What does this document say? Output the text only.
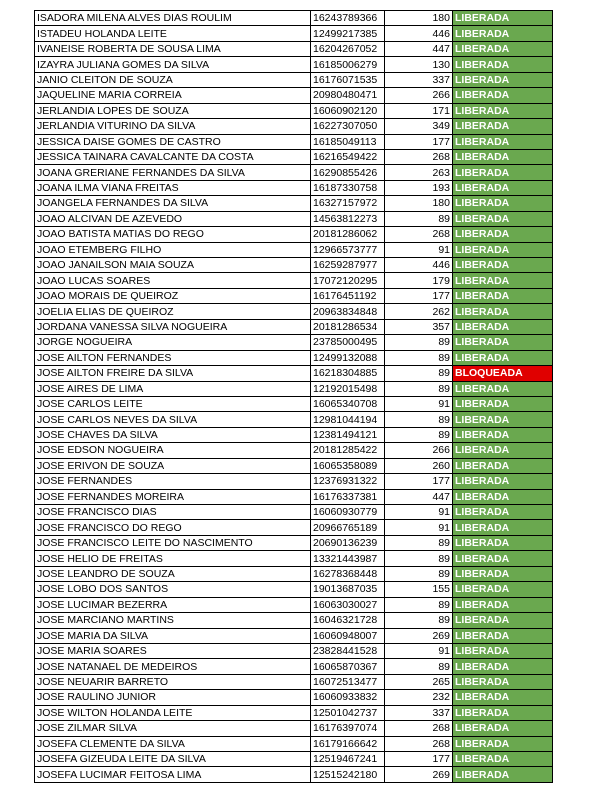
ISADORA MILENA ALVES DIAS ROULIM	16243789366	180	LIBERADA
ISTADEU HOLANDA LEITE	12499217385	446	LIBERADA
IVANEISE ROBERTA DE SOUSA LIMA	16204267052	447	LIBERADA
IZAYRA JULIANA GOMES DA SILVA	16185006279	130	LIBERADA
JANIO CLEITON DE SOUZA	16176071535	337	LIBERADA
JAQUELINE MARIA CORREIA	20980480471	266	LIBERADA
JERLANDIA LOPES DE SOUZA	16060902120	171	LIBERADA
JERLANDIA VITURINO DA SILVA	16227307050	349	LIBERADA
JESSICA DAISE GOMES DE CASTRO	16185049113	177	LIBERADA
JESSICA TAINARA CAVALCANTE DA COSTA	16216549422	268	LIBERADA
JOANA GRERIANE FERNANDES DA SILVA	16290855426	263	LIBERADA
JOANA ILMA VIANA FREITAS	16187330758	193	LIBERADA
JOANGELA FERNANDES DA SILVA	16327157972	180	LIBERADA
JOAO ALCIVAN DE AZEVEDO	14563812273	89	LIBERADA
JOAO BATISTA MATIAS DO REGO	20181286062	268	LIBERADA
JOAO ETEMBERG FILHO	12966573777	91	LIBERADA
JOAO JANAILSON MAIA SOUZA	16259287977	446	LIBERADA
JOAO LUCAS SOARES	17072120295	179	LIBERADA
JOAO MORAIS DE QUEIROZ	16176451192	177	LIBERADA
JOELIA ELIAS DE QUEIROZ	20963834848	262	LIBERADA
JORDANA VANESSA SILVA NOGUEIRA	20181286534	357	LIBERADA
JORGE NOGUEIRA	23785000495	89	LIBERADA
JOSE AILTON FERNANDES	12499132088	89	LIBERADA
JOSE AILTON FREIRE DA SILVA	16218304885	89	BLOQUEADA
JOSE AIRES DE LIMA	12192015498	89	LIBERADA
JOSE CARLOS LEITE	16065340708	91	LIBERADA
JOSE CARLOS NEVES DA SILVA	12981044194	89	LIBERADA
JOSE CHAVES DA SILVA	12381494121	89	LIBERADA
JOSE EDSON NOGUEIRA	20181285422	266	LIBERADA
JOSE ERIVON DE SOUZA	16065358089	260	LIBERADA
JOSE FERNANDES	12376931322	177	LIBERADA
JOSE FERNANDES MOREIRA	16176337381	447	LIBERADA
JOSE FRANCISCO DIAS	16060930779	91	LIBERADA
JOSE FRANCISCO DO REGO	20966765189	91	LIBERADA
JOSE FRANCISCO LEITE DO NASCIMENTO	20690136239	89	LIBERADA
JOSE HELIO DE FREITAS	13321443987	89	LIBERADA
JOSE LEANDRO DE SOUZA	16278368448	89	LIBERADA
JOSE LOBO DOS SANTOS	19013687035	155	LIBERADA
JOSE LUCIMAR BEZERRA	16063030027	89	LIBERADA
JOSE MARCIANO MARTINS	16046321728	89	LIBERADA
JOSE MARIA DA SILVA	16060948007	269	LIBERADA
JOSE MARIA SOARES	23828441528	91	LIBERADA
JOSE NATANAEL DE MEDEIROS	16065870367	89	LIBERADA
JOSE NEUARIR BARRETO	16072513477	265	LIBERADA
JOSE RAULINO JUNIOR	16060933832	232	LIBERADA
JOSE WILTON HOLANDA LEITE	12501042737	337	LIBERADA
JOSE ZILMAR SILVA	16176397074	268	LIBERADA
JOSEFA CLEMENTE DA SILVA	16179166642	268	LIBERADA
JOSEFA GIZEUDA LEITE DA SILVA	12519467241	177	LIBERADA
JOSEFA LUCIMAR FEITOSA LIMA	12515242180	269	LIBERADA
